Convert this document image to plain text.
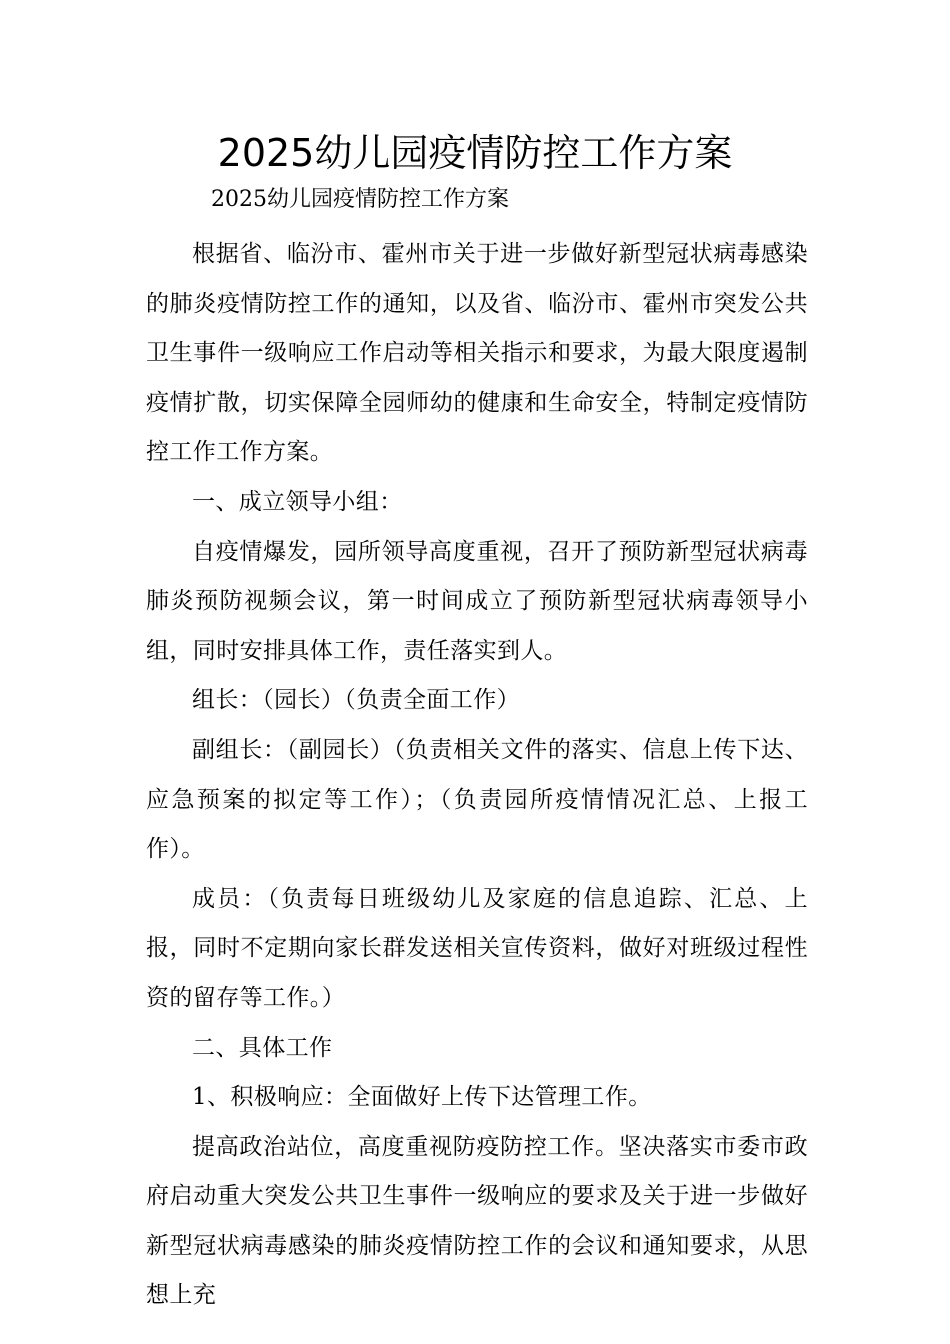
2025幼儿园疫情防控工作方案
2025幼儿园疫情防控工作方案

根据省、临汾市、霍州市关于进一步做好新型冠状病毒感染的肺炎疫情防控工作的通知，以及省、临汾市、霍州市突发公共卫生事件一级响应工作启动等相关指示和要求，为最大限度遏制疫情扩散，切实保障全园师幼的健康和生命安全，特制定疫情防控工作工作方案。

一、成立领导小组：

自疫情爆发，园所领导高度重视，召开了预防新型冠状病毒肺炎预防视频会议，第一时间成立了预防新型冠状病毒领导小组，同时安排具体工作，责任落实到人。

组长：（园长）（负责全面工作）

副组长：（副园长）（负责相关文件的落实、信息上传下达、应急预案的拟定等工作）；（负责园所疫情情况汇总、上报工作）。

成员：（负责每日班级幼儿及家庭的信息追踪、汇总、上报，同时不定期向家长群发送相关宣传资料，做好对班级过程性资的留存等工作。）

二、具体工作

1、积极响应：全面做好上传下达管理工作。

提高政治站位，高度重视防疫防控工作。坚决落实市委市政府启动重大突发公共卫生事件一级响应的要求及关于进一步做好新型冠状病毒感染的肺炎疫情防控工作的会议和通知要求，从思想上充
